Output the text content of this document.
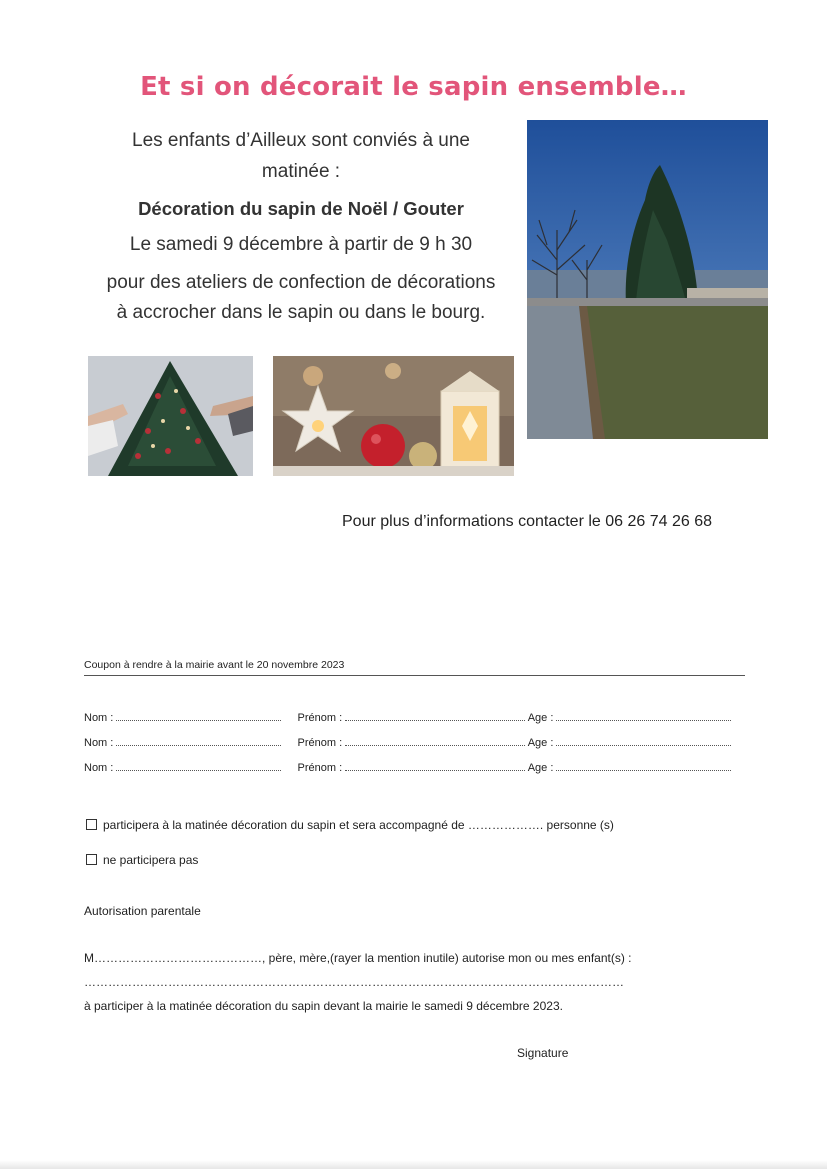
Et si on décorait le sapin ensemble…
Les enfants d’Ailleux sont conviés à une
matinée :
Décoration du sapin de Noël / Gouter
Le samedi 9 décembre à partir de 9 h 30
pour des ateliers de confection de décorations
à accrocher dans le sapin ou dans le bourg.
Pour plus d’informations contacter le 06 26 74 26 68
Coupon à rendre à la mairie avant le 20 novembre 2023
Nom :	Prénom :	Age :
Nom :	Prénom :	Age :
Nom :	Prénom :	Age :
participera à la matinée décoration du sapin et sera accompagné de ………………. personne (s)
ne participera pas
Autorisation parentale
M……………………………………, père, mère,(rayer la mention inutile) autorise mon ou mes enfant(s) :
………………………………………………………………………………………………………………………
à participer à la matinée décoration du sapin devant la mairie le samedi 9 décembre 2023.
Signature
